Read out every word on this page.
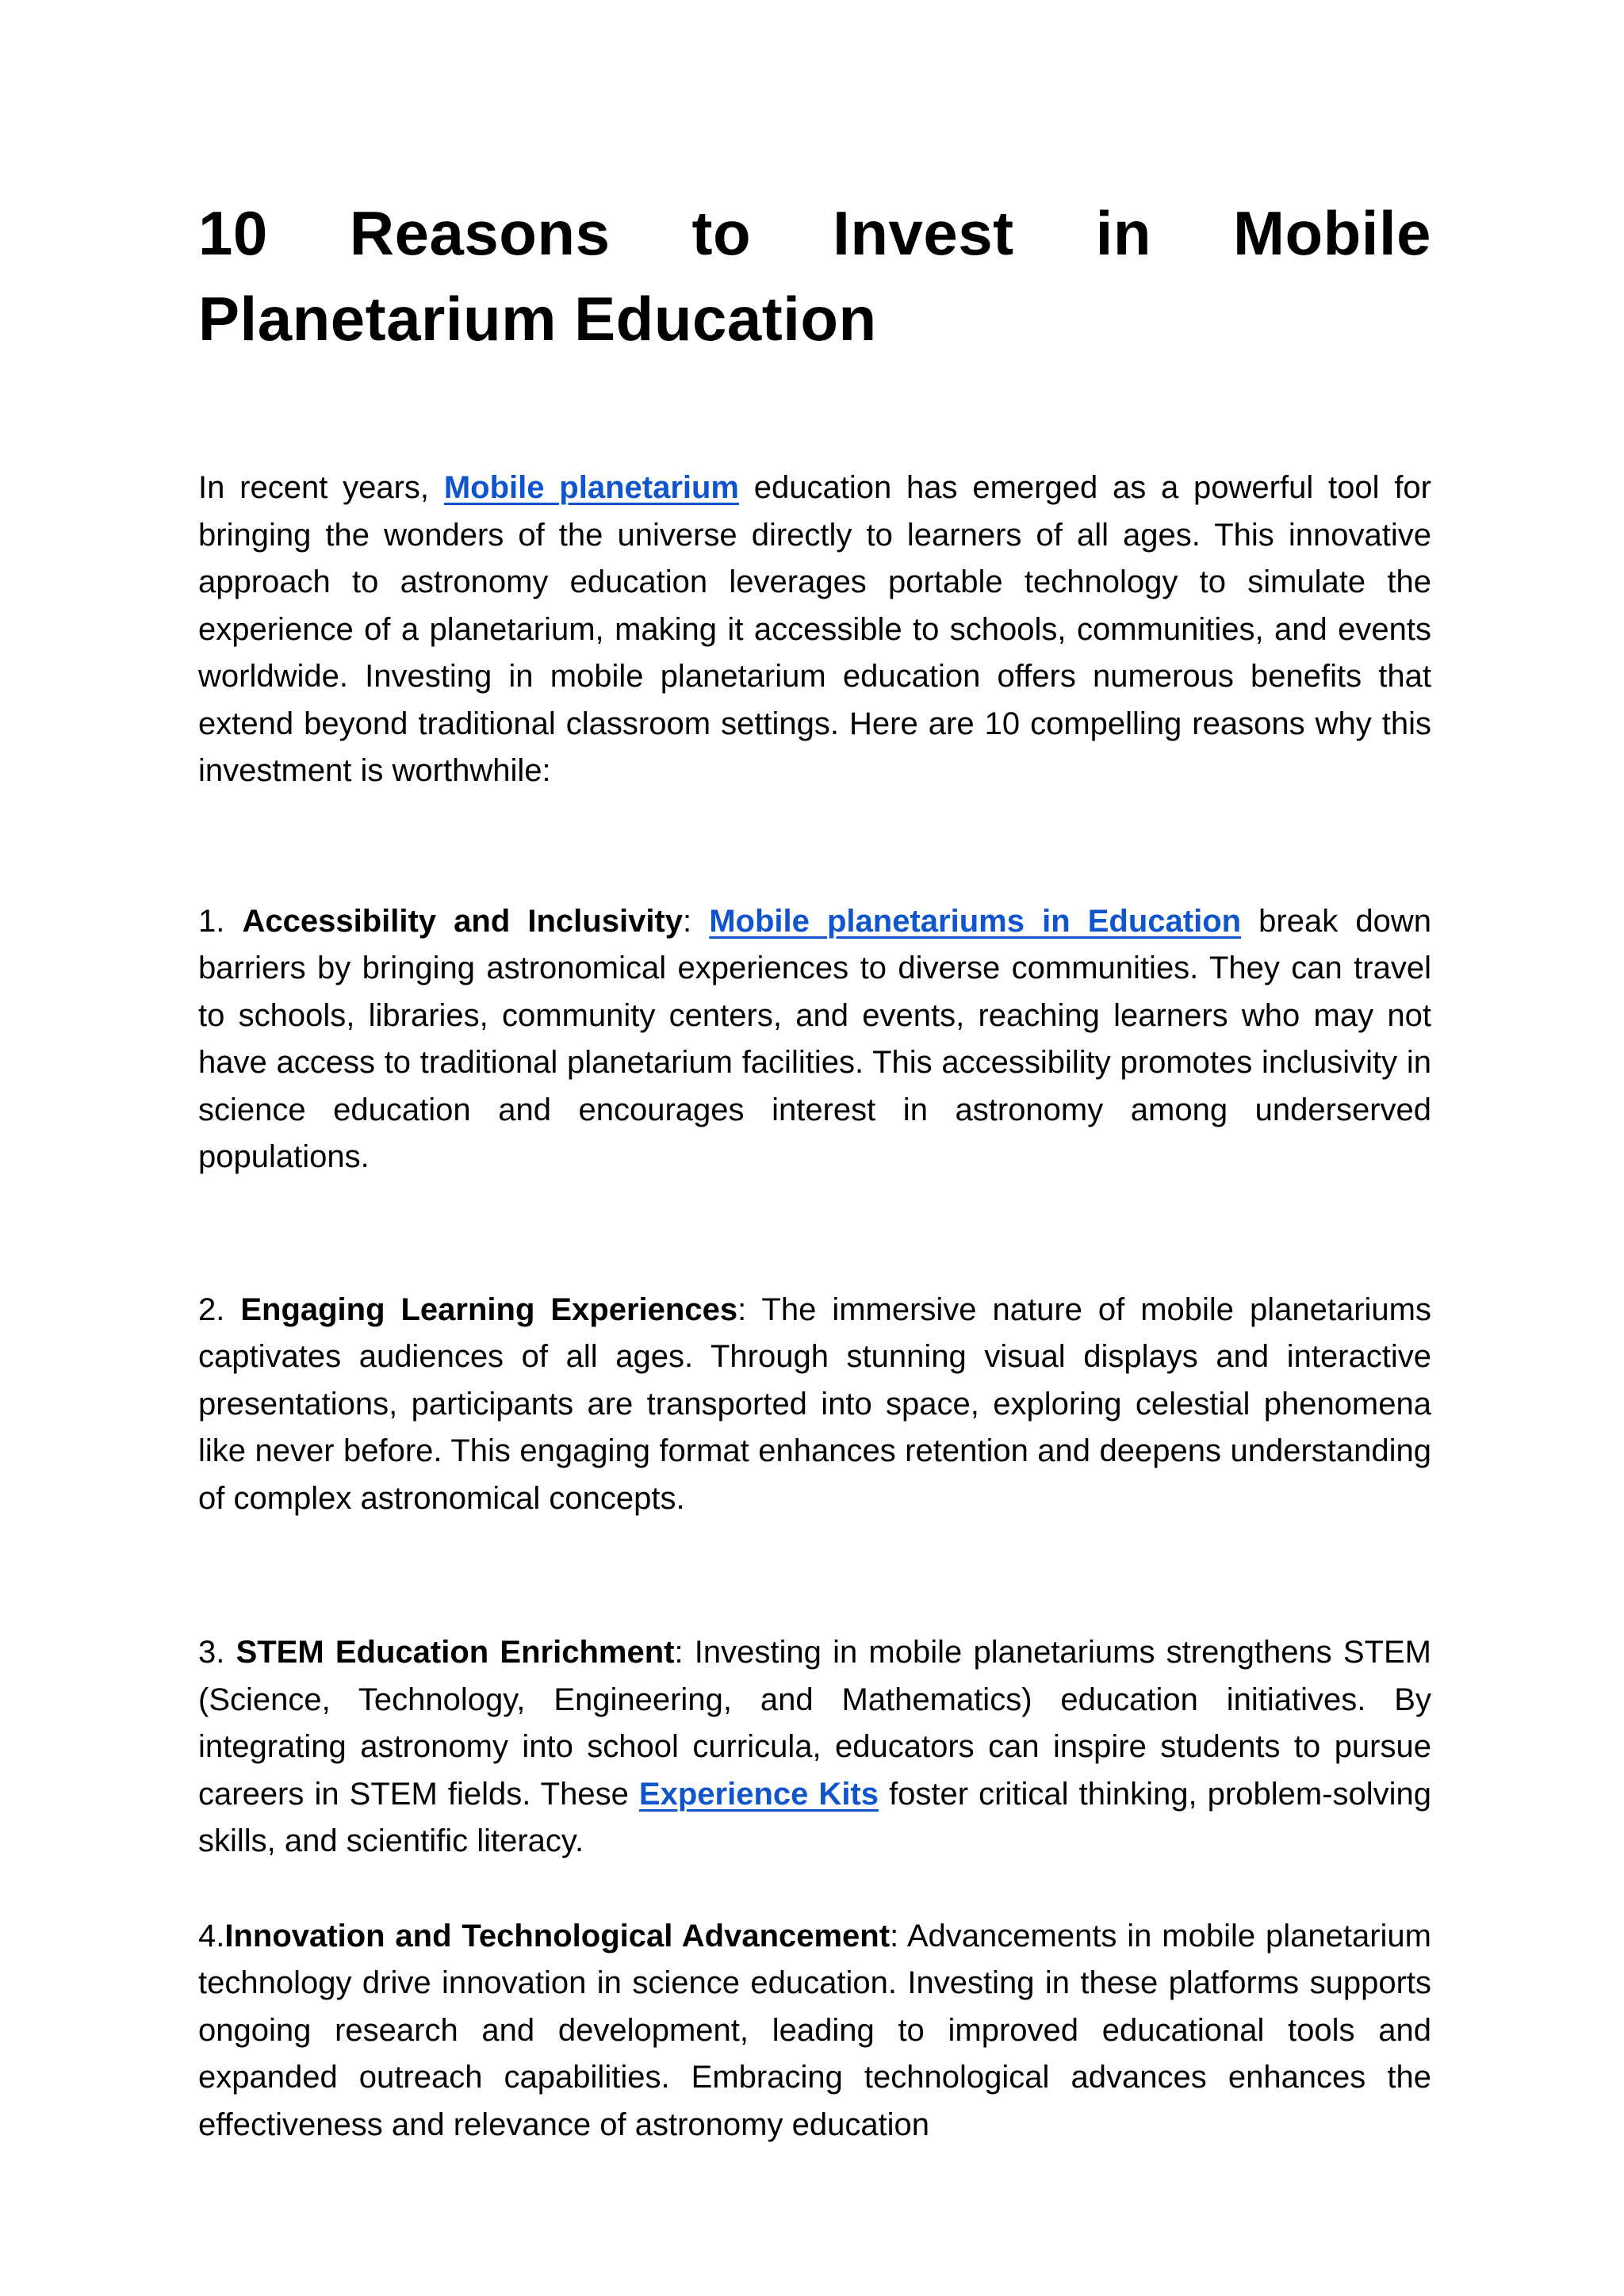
10 Reasons to Invest in Mobile Planetarium Education

In recent years, Mobile planetarium education has emerged as a powerful tool for bringing the wonders of the universe directly to learners of all ages. This innovative approach to astronomy education leverages portable technology to simulate the experience of a planetarium, making it accessible to schools, communities, and events worldwide. Investing in mobile planetarium education offers numerous benefits that extend beyond traditional classroom settings. Here are 10 compelling reasons why this investment is worthwhile:

1. Accessibility and Inclusivity: Mobile planetariums in Education break down barriers by bringing astronomical experiences to diverse communities. They can travel to schools, libraries, community centers, and events, reaching learners who may not have access to traditional planetarium facilities. This accessibility promotes inclusivity in science education and encourages interest in astronomy among underserved populations.

2. Engaging Learning Experiences: The immersive nature of mobile planetariums captivates audiences of all ages. Through stunning visual displays and interactive presentations, participants are transported into space, exploring celestial phenomena like never before. This engaging format enhances retention and deepens understanding of complex astronomical concepts.

3. STEM Education Enrichment: Investing in mobile planetariums strengthens STEM (Science, Technology, Engineering, and Mathematics) education initiatives. By integrating astronomy into school curricula, educators can inspire students to pursue careers in STEM fields. These Experience Kits foster critical thinking, problem-solving skills, and scientific literacy.

4.Innovation and Technological Advancement: Advancements in mobile planetarium technology drive innovation in science education. Investing in these platforms supports ongoing research and development, leading to improved educational tools and expanded outreach capabilities. Embracing technological advances enhances the effectiveness and relevance of astronomy education
